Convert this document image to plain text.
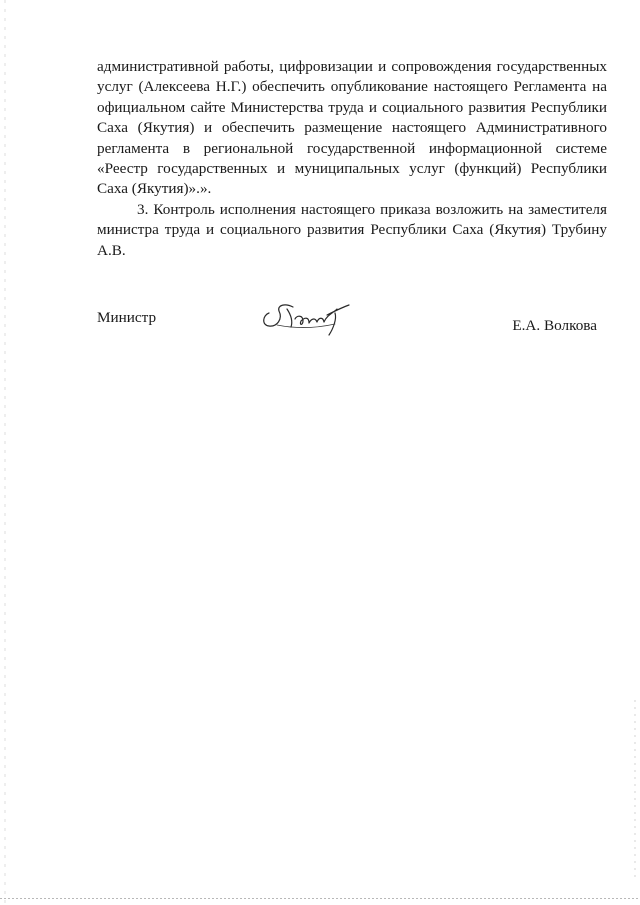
административной работы, цифровизации и сопровождения государственных услуг (Алексеева Н.Г.) обеспечить опубликование настоящего Регламента на официальном сайте Министерства труда и социального развития Республики Саха (Якутия) и обеспечить размещение настоящего Административного регламента в региональной государственной информационной системе «Реестр государственных и муниципальных услуг (функций) Республики Саха (Якутия)».».

3. Контроль исполнения настоящего приказа возложить на заместителя министра труда и социального развития Республики Саха (Якутия) Трубину А.В.

Министр	Е.А. Волкова
